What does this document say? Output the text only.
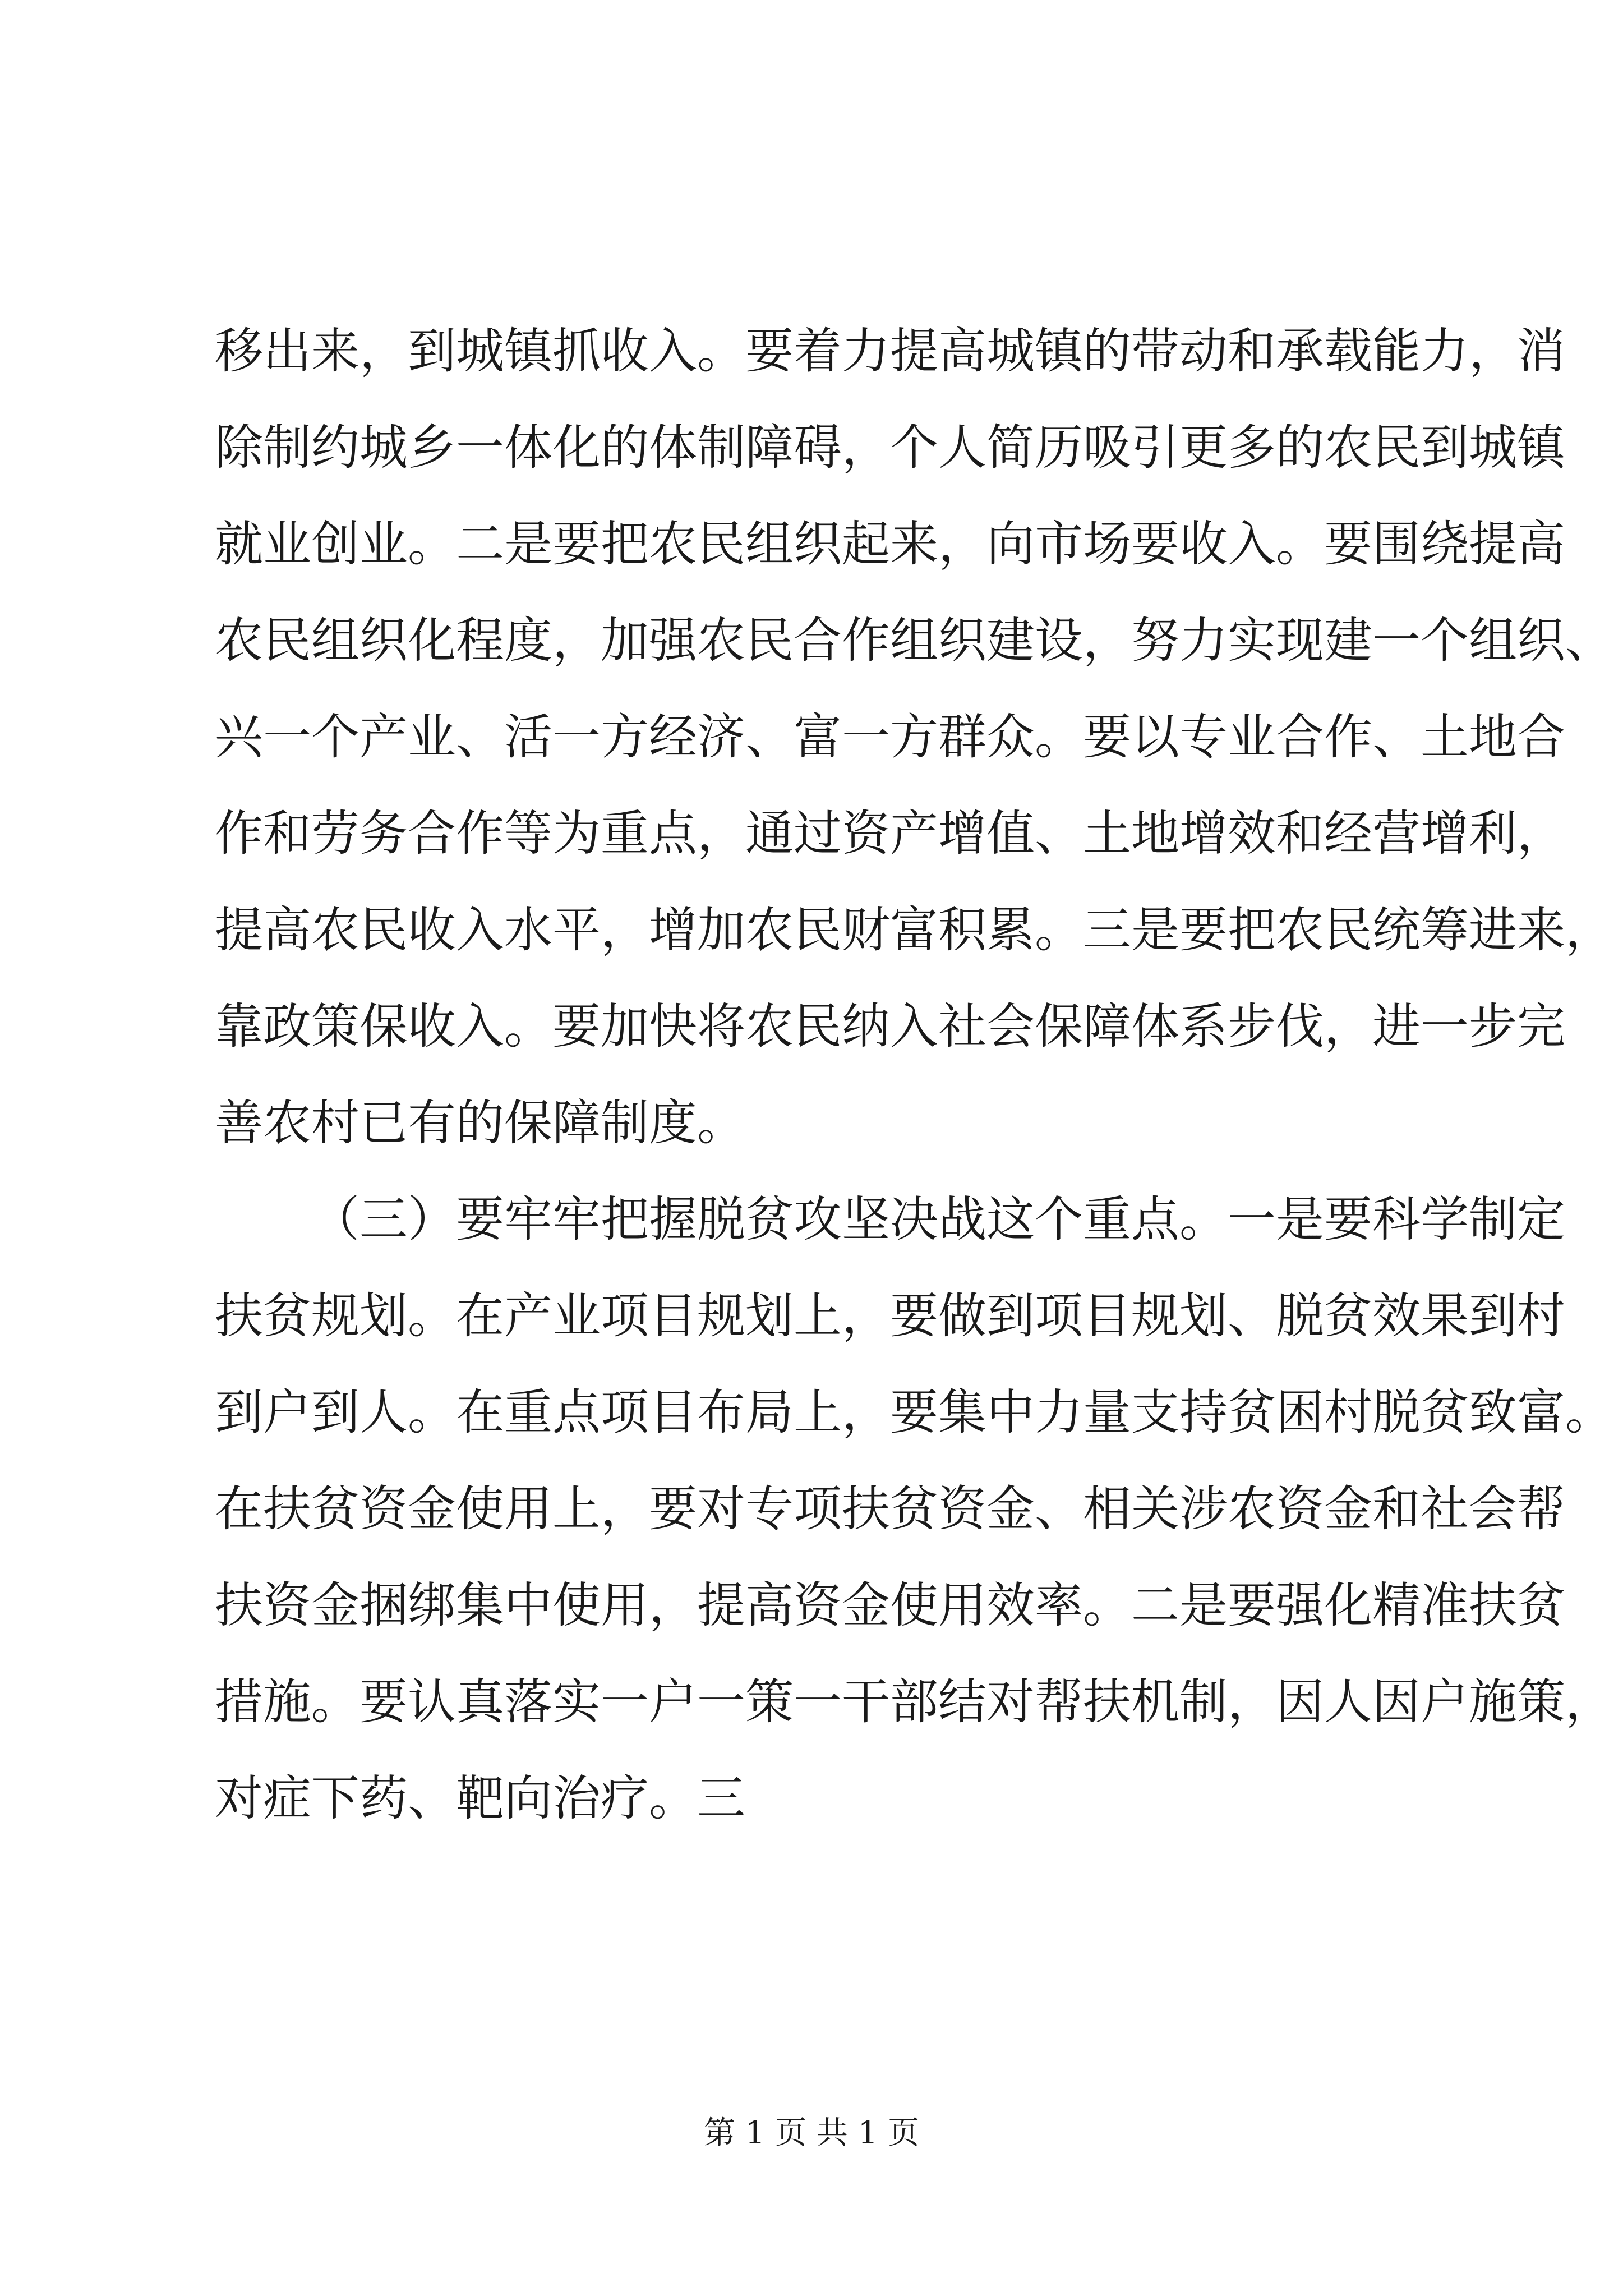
移出来，到城镇抓收入。要着力提高城镇的带动和承载能力，消
除制约城乡一体化的体制障碍，个人简历吸引更多的农民到城镇
就业创业。二是要把农民组织起来，向市场要收入。要围绕提高
农民组织化程度，加强农民合作组织建设，努力实现建一个组织、
兴一个产业、活一方经济、富一方群众。要以专业合作、土地合
作和劳务合作等为重点，通过资产增值、土地增效和经营增利，
提高农民收入水平，增加农民财富积累。三是要把农民统筹进来，
靠政策保收入。要加快将农民纳入社会保障体系步伐，进一步完
善农村已有的保障制度。
（三）要牢牢把握脱贫攻坚决战这个重点。一是要科学制定
扶贫规划。在产业项目规划上，要做到项目规划、脱贫效果到村
到户到人。在重点项目布局上，要集中力量支持贫困村脱贫致富。
在扶贫资金使用上，要对专项扶贫资金、相关涉农资金和社会帮
扶资金捆绑集中使用，提高资金使用效率。二是要强化精准扶贫
措施。要认真落实一户一策一干部结对帮扶机制，因人因户施策，
对症下药、靶向治疗。三
第 1 页 共 1 页
